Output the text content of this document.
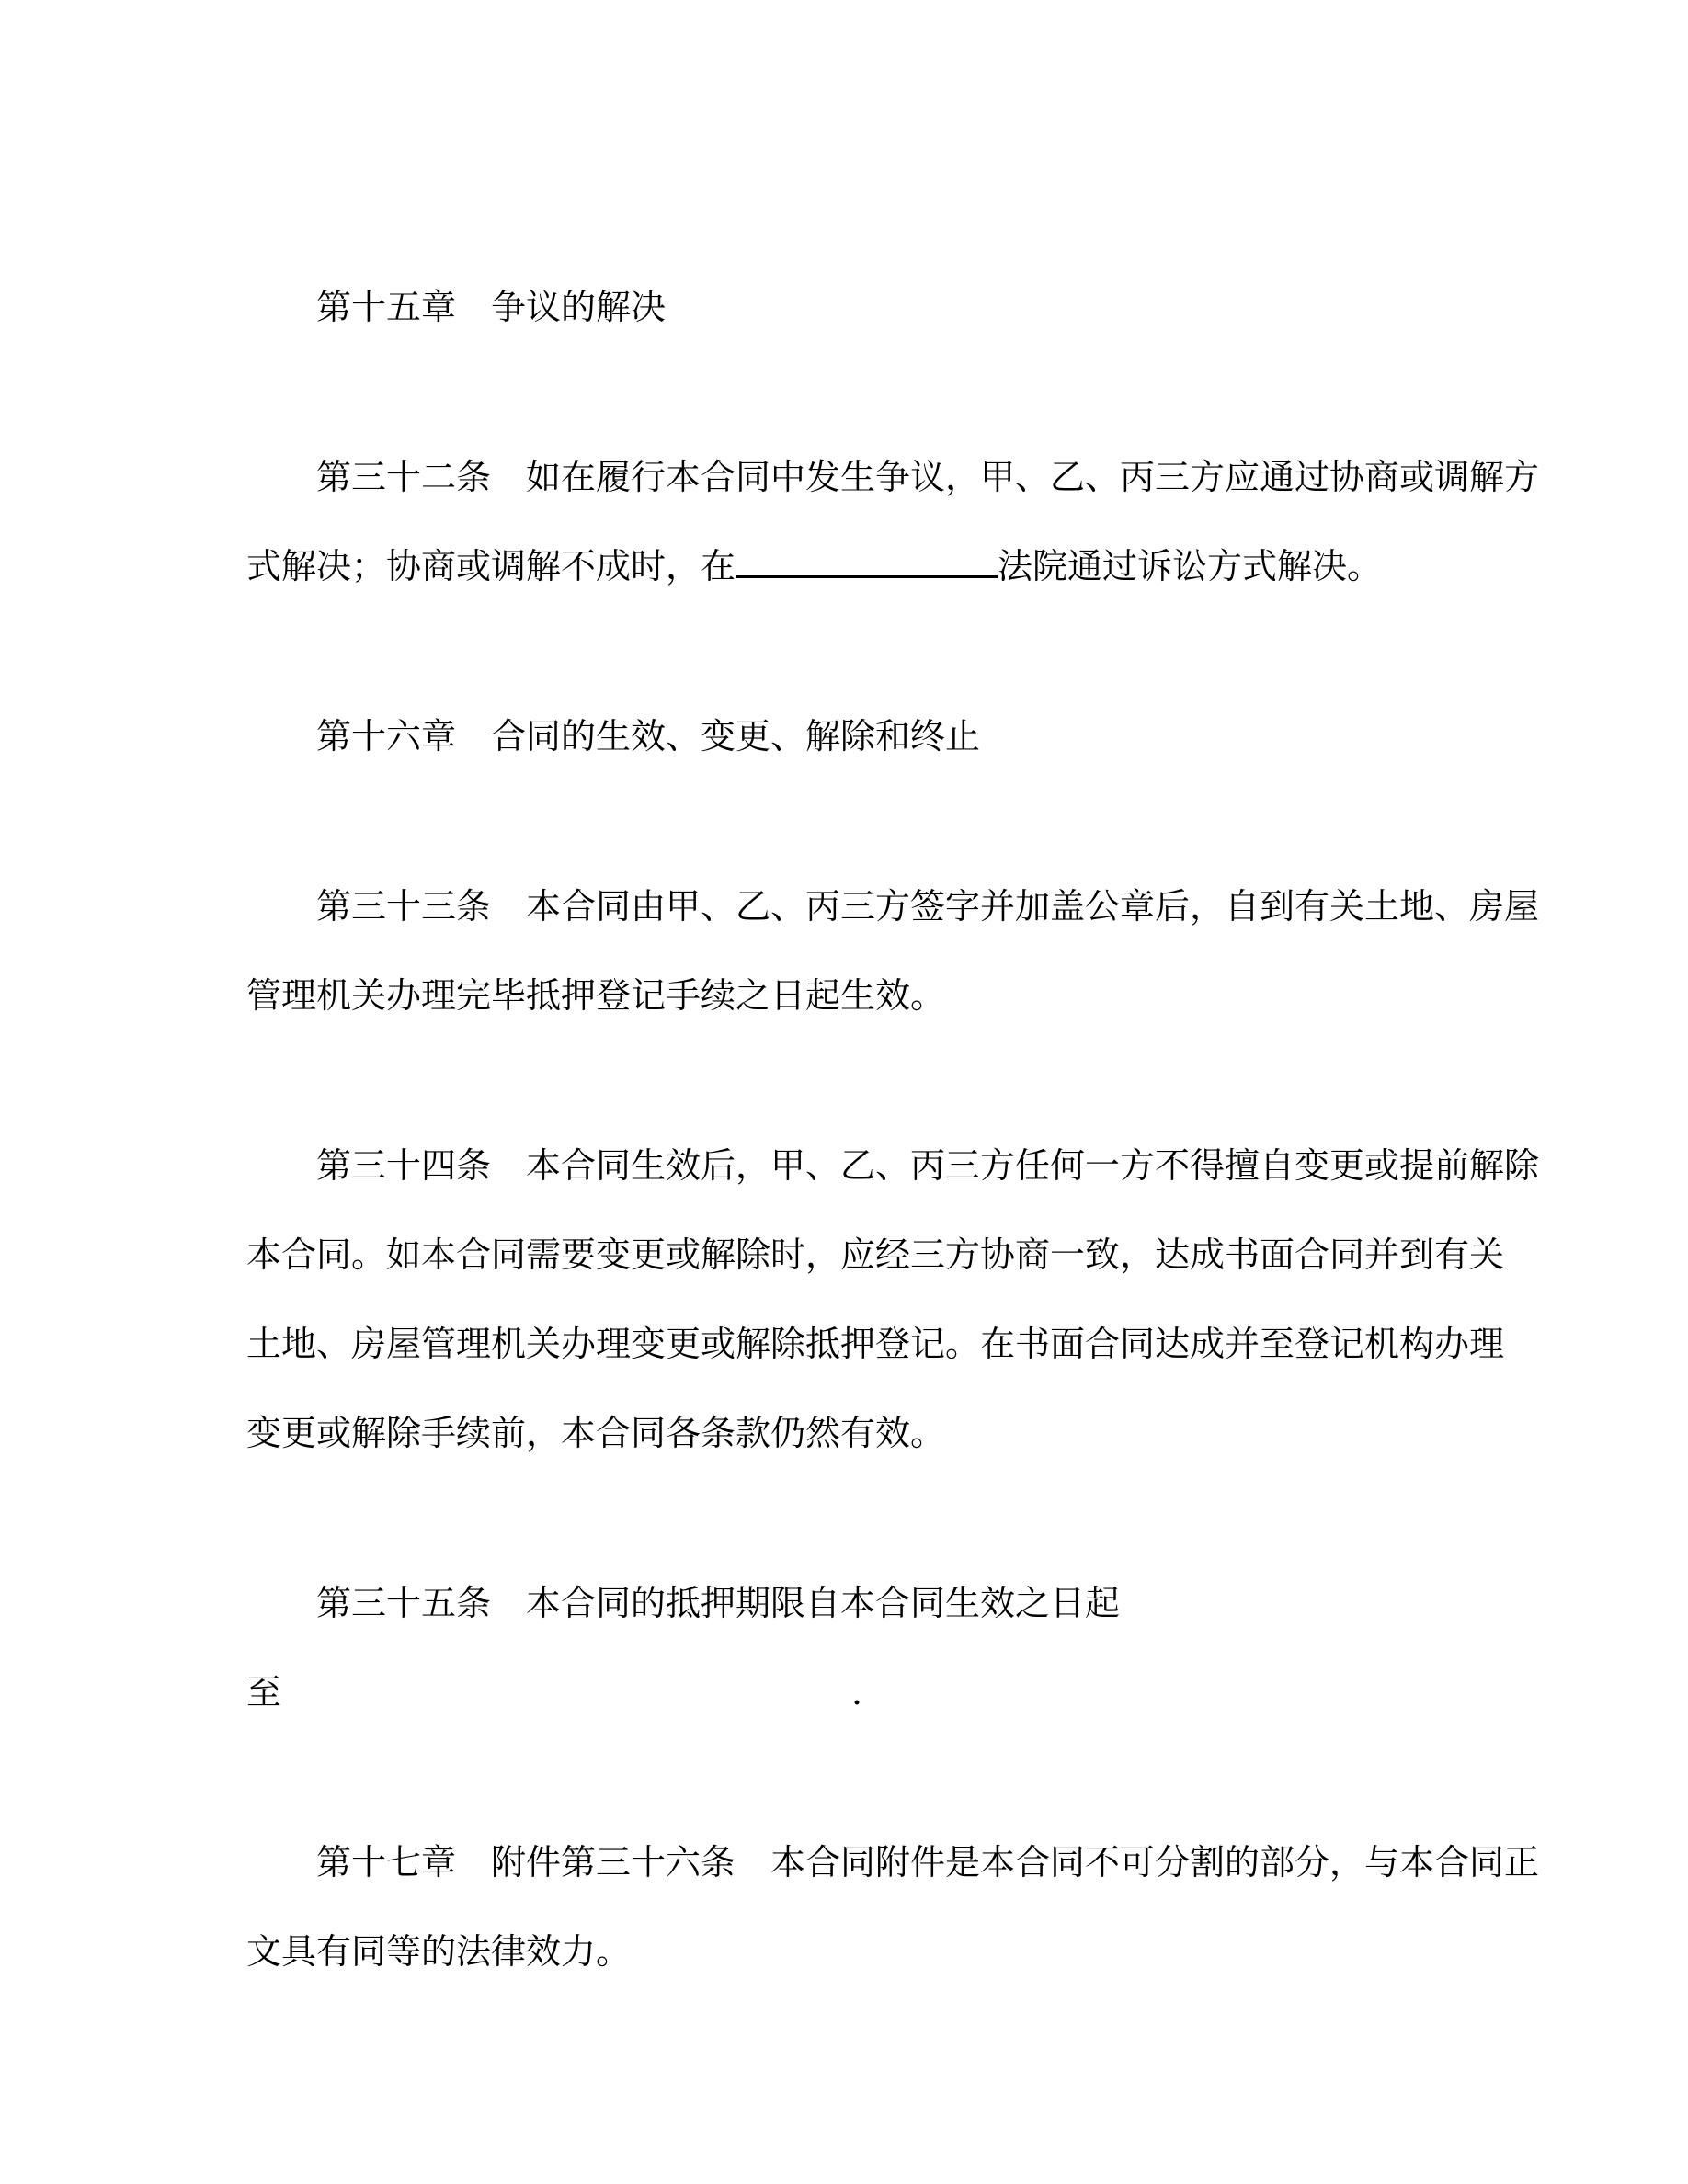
第十五章　争议的解决
第三十二条　如在履行本合同中发生争议，甲、乙、丙三方应通过协商或调解方
式解决；协商或调解不成时，在	法院通过诉讼方式解决。
第十六章　合同的生效、变更、解除和终止
第三十三条　本合同由甲、乙、丙三方签字并加盖公章后，自到有关土地、房屋
管理机关办理完毕抵押登记手续之日起生效。
第三十四条　本合同生效后，甲、乙、丙三方任何一方不得擅自变更或提前解除
本合同。如本合同需要变更或解除时，应经三方协商一致，达成书面合同并到有关
土地、房屋管理机关办理变更或解除抵押登记。在书面合同达成并至登记机构办理
变更或解除手续前，本合同各条款仍然有效。
第三十五条　本合同的抵押期限自本合同生效之日起
至	.
第十七章　附件第三十六条　本合同附件是本合同不可分割的部分，与本合同正
文具有同等的法律效力。
